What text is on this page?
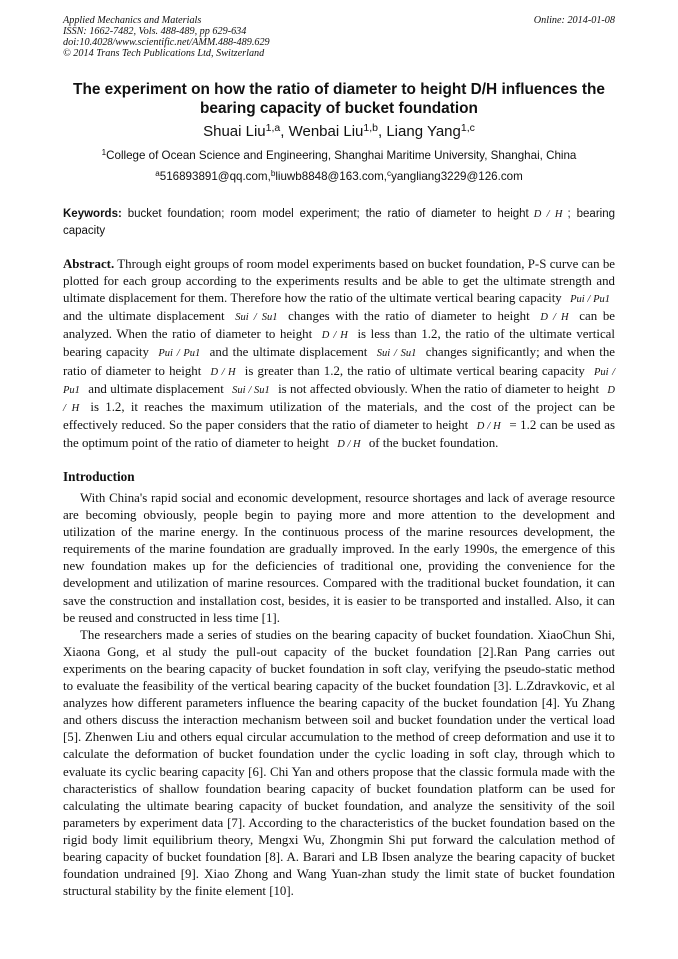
Applied Mechanics and Materials
ISSN: 1662-7482, Vols. 488-489, pp 629-634
doi:10.4028/www.scientific.net/AMM.488-489.629
© 2014 Trans Tech Publications Ltd, Switzerland
Online: 2014-01-08
The experiment on how the ratio of diameter to height D/H influences the
bearing capacity of bucket foundation
Shuai Liu$^{1,a}$, Wenbai Liu$^{1,b}$, Liang Yang$^{1,c}$
$^1$College of Ocean Science and Engineering, Shanghai Maritime University, Shanghai, China
$^a$516893891@qq.com,$^b$liuwb8848@163.com,$^c$yangliang3229@126.com
Keywords: bucket foundation; room model experiment; the ratio of diameter to height D / H ; bearing capacity
Abstract. Through eight groups of room model experiments based on bucket foundation, P-S curve can be plotted for each group according to the experiments results and be able to get the ultimate strength and ultimate displacement for them. Therefore how the ratio of the ultimate vertical bearing capacity Pui / Pu1 and the ultimate displacement Sui / Su1 changes with the ratio of diameter to height D / H can be analyzed. When the ratio of diameter to height D / H is less than 1.2, the ratio of the ultimate vertical bearing capacity Pui / Pu1 and the ultimate displacement Sui / Su1 changes significantly; and when the ratio of diameter to height D / H is greater than 1.2, the ratio of ultimate vertical bearing capacity Pui / Pu1 and ultimate displacement Sui / Su1 is not affected obviously. When the ratio of diameter to height D / H is 1.2, it reaches the maximum utilization of the materials, and the cost of the project can be effectively reduced. So the paper considers that the ratio of diameter to height D / H = 1.2 can be used as the optimum point of the ratio of diameter to height D / H of the bucket foundation.
Introduction

With China's rapid social and economic development, resource shortages and lack of average resource are becoming obviously, people begin to paying more and more attention to the development and utilization of the marine energy. In the continuous process of the marine resources development, the requirements of the marine foundation are gradually improved. In the early 1990s, the emergence of this new foundation makes up for the deficiencies of traditional one, providing the convenience for the development and utilization of marine resources. Compared with the traditional bucket foundation, it can save the construction and installation cost, besides, it is easier to be transported and installed. Also, it can be reused and constructed in less time [1].

The researchers made a series of studies on the bearing capacity of bucket foundation. XiaoChun Shi, Xiaona Gong, et al study the pull-out capacity of the bucket foundation [2].Ran Pang carries out experiments on the bearing capacity of bucket foundation in soft clay, verifying the pseudo-static method to evaluate the feasibility of the vertical bearing capacity of the bucket foundation [3]. L.Zdravkovic, et al analyzes how different parameters influence the bearing capacity of the bucket foundation [4]. Yu Zhang and others discuss the interaction mechanism between soil and bucket foundation under the vertical load [5]. Zhenwen Liu and others equal circular accumulation to the method of creep deformation and use it to calculate the deformation of bucket foundation under the cyclic loading in soft clay, through which to evaluate its cyclic bearing capacity [6]. Chi Yan and others propose that the classic formula made with the characteristics of shallow foundation bearing capacity of bucket foundation platform can be used for calculating the ultimate bearing capacity of bucket foundation, and analyze the sensitivity of the soil parameters by experiment data [7]. According to the characteristics of the bucket foundation based on the rigid body limit equilibrium theory, Mengxi Wu, Zhongmin Shi put forward the calculation method of bearing capacity of bucket foundation [8]. A. Barari and LB Ibsen analyze the bearing capacity of bucket foundation undrained [9]. Xiao Zhong and Wang Yuan-zhan study the limit state of bucket foundation structural stability by the finite element [10].
